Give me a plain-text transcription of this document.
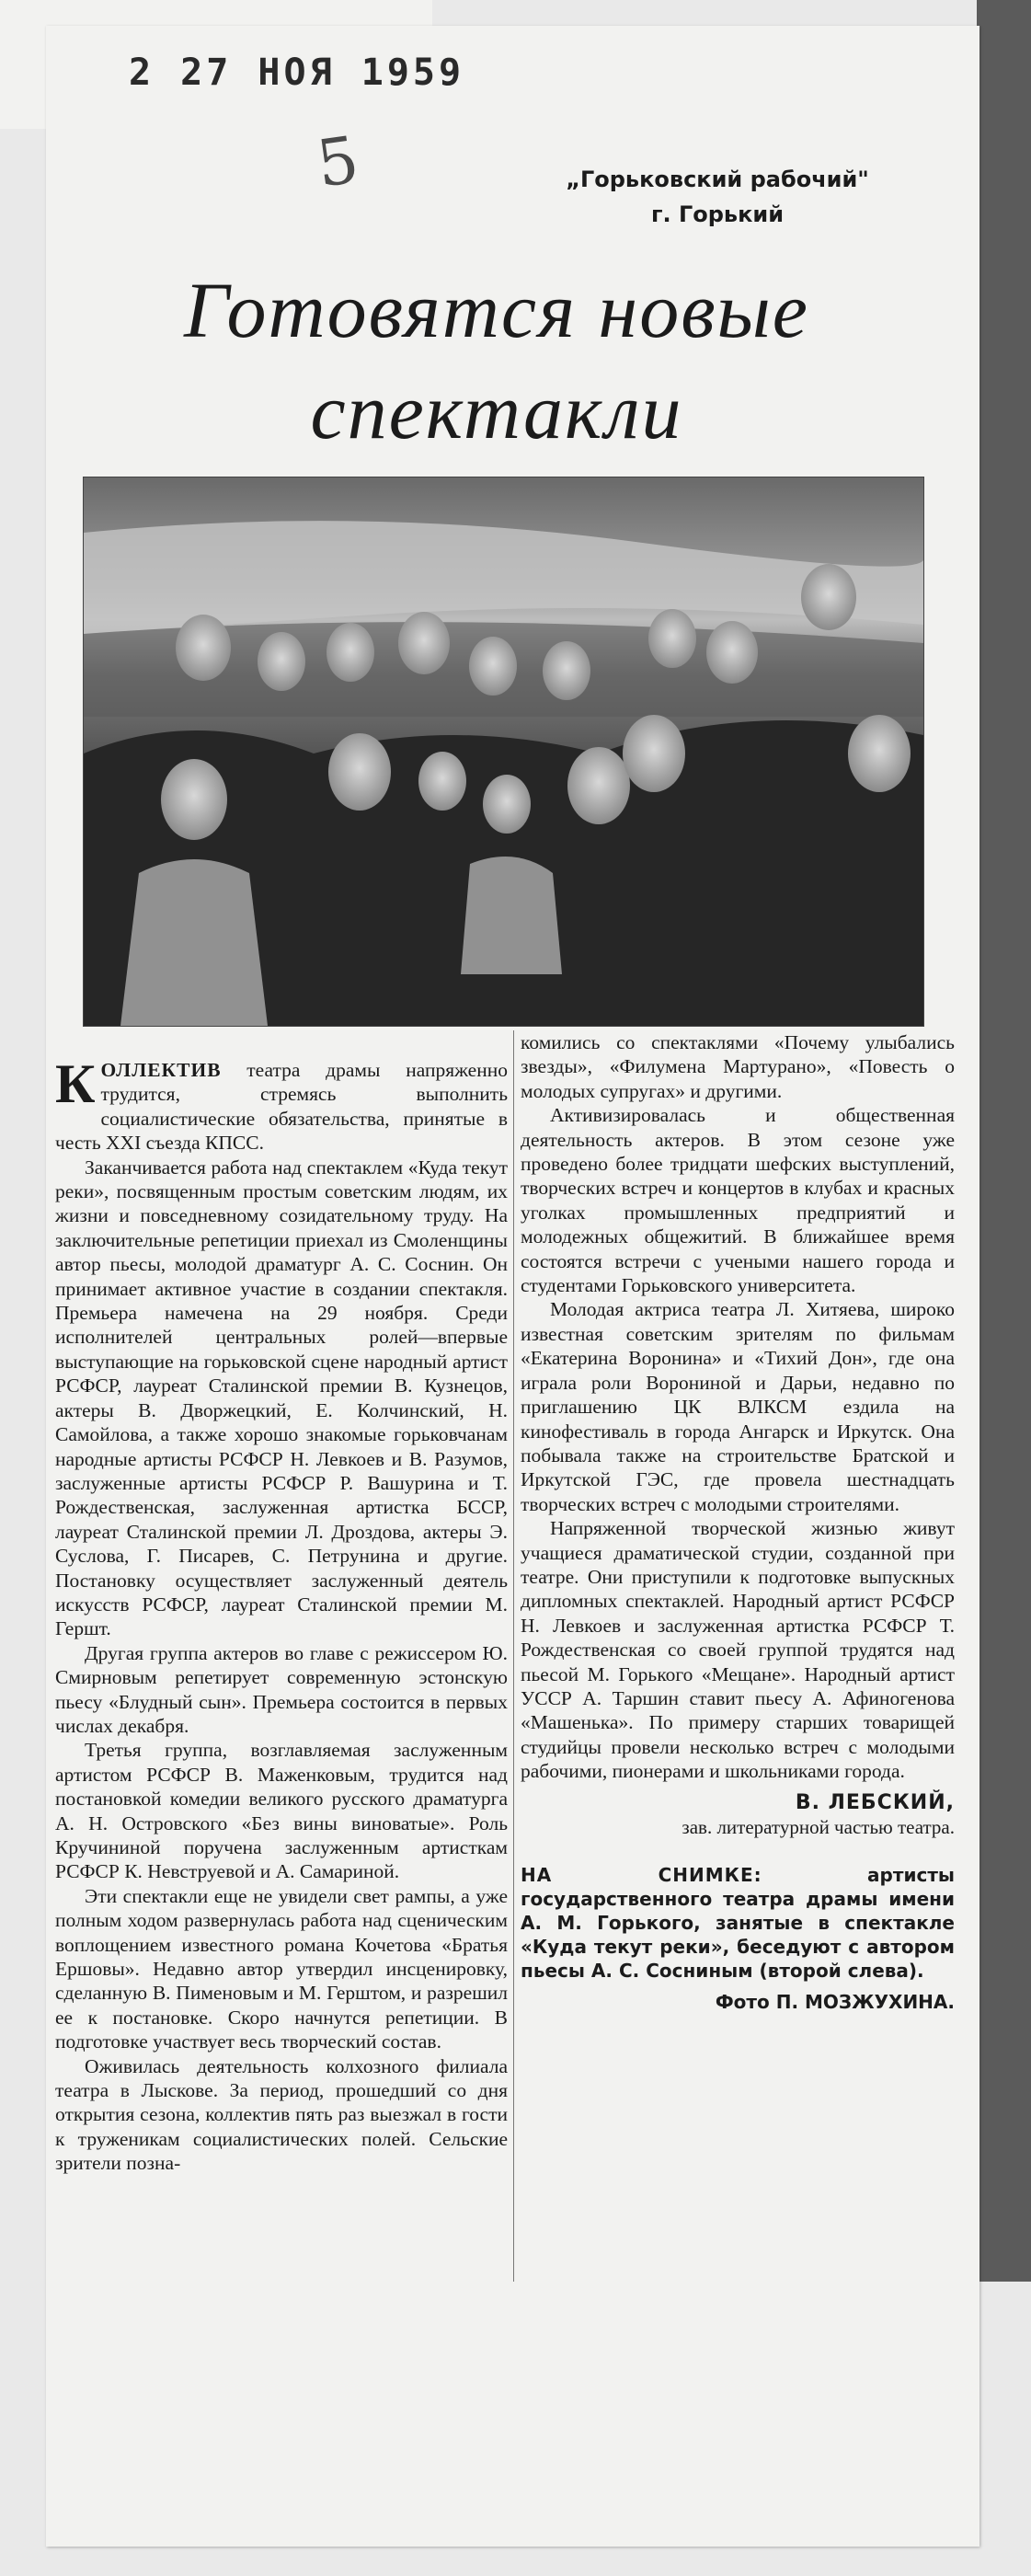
2 27 НОЯ 1959
5	„Горьковский рабочий"
г. Горький
Готовятся новые
спектакли

КОЛЛЕКТИВ театра драмы напряженно трудится, стремясь выполнить социалистические обязательства, принятые в честь XXI съезда КПСС.

Заканчивается работа над спектаклем «Куда текут реки», посвященным простым советским людям, их жизни и повседневному созидательному труду. На заключительные репетиции приехал из Смоленщины автор пьесы, молодой драматург А. С. Соснин. Он принимает активное участие в создании спектакля. Премьера намечена на 29 ноября. Среди исполнителей центральных ролей—впервые выступающие на горьковской сцене народный артист РСФСР, лауреат Сталинской премии В. Кузнецов, актеры В. Дворжецкий, Е. Колчинский, Н. Самойлова, а также хорошо знакомые горьковчанам народные артисты РСФСР Н. Левкоев и В. Разумов, заслуженные артисты РСФСР Р. Вашурина и Т. Рождественская, заслуженная артистка БССР, лауреат Сталинской премии Л. Дроздова, актеры Э. Суслова, Г. Писарев, С. Петрунина и другие. Постановку осуществляет заслуженный деятель искусств РСФСР, лауреат Сталинской премии М. Гершт.

Другая группа актеров во главе с режиссером Ю. Смирновым репетирует современную эстонскую пьесу «Блудный сын». Премьера состоится в первых числах декабря.

Третья группа, возглавляемая заслуженным артистом РСФСР В. Маженковым, трудится над постановкой комедии великого русского драматурга А. Н. Островского «Без вины виноватые». Роль Кручининой поручена заслуженным артисткам РСФСР К. Невструевой и А. Самариной.

Эти спектакли еще не увидели свет рампы, а уже полным ходом развернулась работа над сценическим воплощением известного романа Кочетова «Братья Ершовы». Недавно автор утвердил инсценировку, сделанную В. Пименовым и М. Герштом, и разрешил ее к постановке. Скоро начнутся репетиции. В подготовке участвует весь творческий состав.

Оживилась деятельность колхозного филиала театра в Лыскове. За период, прошедший со дня открытия сезона, коллектив пять раз выезжал в гости к труженикам социалистических полей. Сельские зрители позна-

комились со спектаклями «Почему улыбались звезды», «Филумена Мартурано», «Повесть о молодых супругах» и другими.

Активизировалась и общественная деятельность актеров. В этом сезоне уже проведено более тридцати шефских выступлений, творческих встреч и концертов в клубах и красных уголках промышленных предприятий и молодежных общежитий. В ближайшее время состоятся встречи с учеными нашего города и студентами Горьковского университета.

Молодая актриса театра Л. Хитяева, широко известная советским зрителям по фильмам «Екатерина Воронина» и «Тихий Дон», где она играла роли Ворониной и Дарьи, недавно по приглашению ЦК ВЛКСМ ездила на кинофестиваль в города Ангарск и Иркутск. Она побывала также на строительстве Братской и Иркутской ГЭС, где провела шестнадцать творческих встреч с молодыми строителями.

Напряженной творческой жизнью живут учащиеся драматической студии, созданной при театре. Они приступили к подготовке выпускных дипломных спектаклей. Народный артист РСФСР Н. Левкоев и заслуженная артистка РСФСР Т. Рождественская со своей группой трудятся над пьесой М. Горького «Мещане». Народный артист УССР А. Таршин ставит пьесу А. Афиногенова «Машенька». По примеру старших товарищей студийцы провели несколько встреч с молодыми рабочими, пионерами и школьниками города.

В. ЛЕБСКИЙ,
зав. литературной частью театра.
НА СНИМКЕ: артисты государственного театра драмы имени А. М. Горького, занятые в спектакле «Куда текут реки», беседуют с автором пьесы А. С. Сосниным (второй слева).
Фото П. МОЗЖУХИНА.
